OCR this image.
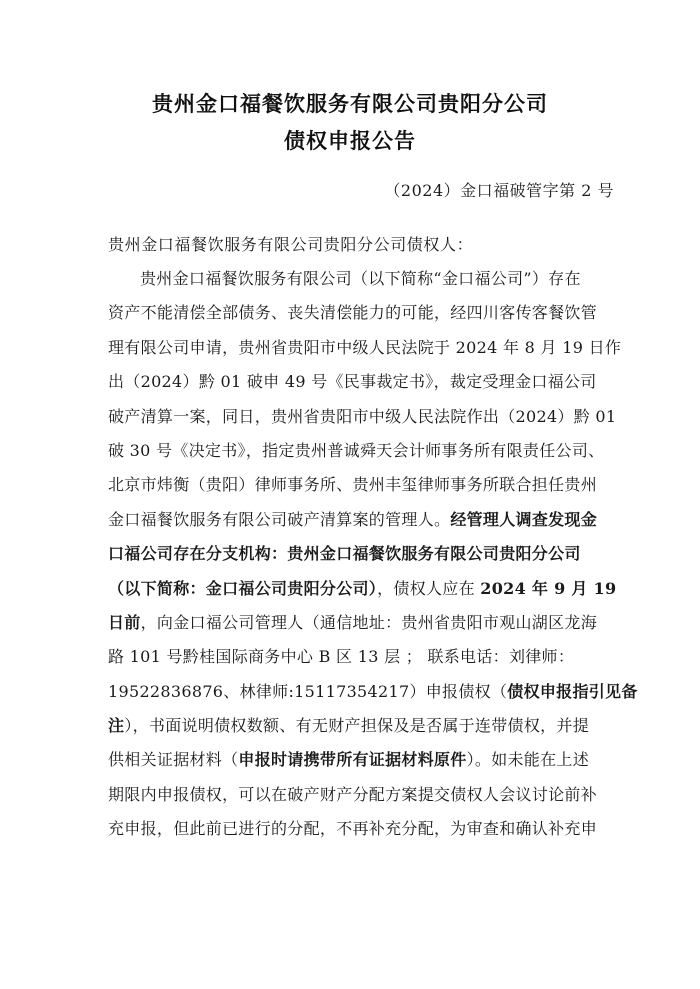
贵州金口福餐饮服务有限公司贵阳分公司
债权申报公告
（2024）金口福破管字第 2 号
贵州金口福餐饮服务有限公司贵阳分公司债权人：
贵州金口福餐饮服务有限公司（以下简称“金口福公司”）存在
资产不能清偿全部债务、丧失清偿能力的可能，经四川客传客餐饮管
理有限公司申请，贵州省贵阳市中级人民法院于 2024 年 8 月 19 日作
出（2024）黔 01 破申 49 号《民事裁定书》，裁定受理金口福公司
破产清算一案，同日，贵州省贵阳市中级人民法院作出（2024）黔 01
破 30 号《决定书》，指定贵州普诚舜天会计师事务所有限责任公司、
北京市炜衡（贵阳）律师事务所、贵州丰玺律师事务所联合担任贵州
金口福餐饮服务有限公司破产清算案的管理人。经管理人调查发现金
口福公司存在分支机构：贵州金口福餐饮服务有限公司贵阳分公司
（以下简称：金口福公司贵阳分公司），债权人应在 2024 年 9 月 19
日前，向金口福公司管理人（通信地址：贵州省贵阳市观山湖区龙海
路 101 号黔桂国际商务中心 B 区 13 层 ； 联系电话：刘律师：
19522836876、林律师:15117354217）申报债权（债权申报指引见备
注），书面说明债权数额、有无财产担保及是否属于连带债权，并提
供相关证据材料（申报时请携带所有证据材料原件）。如未能在上述
期限内申报债权，可以在破产财产分配方案提交债权人会议讨论前补
充申报，但此前已进行的分配，不再补充分配，为审查和确认补充申
